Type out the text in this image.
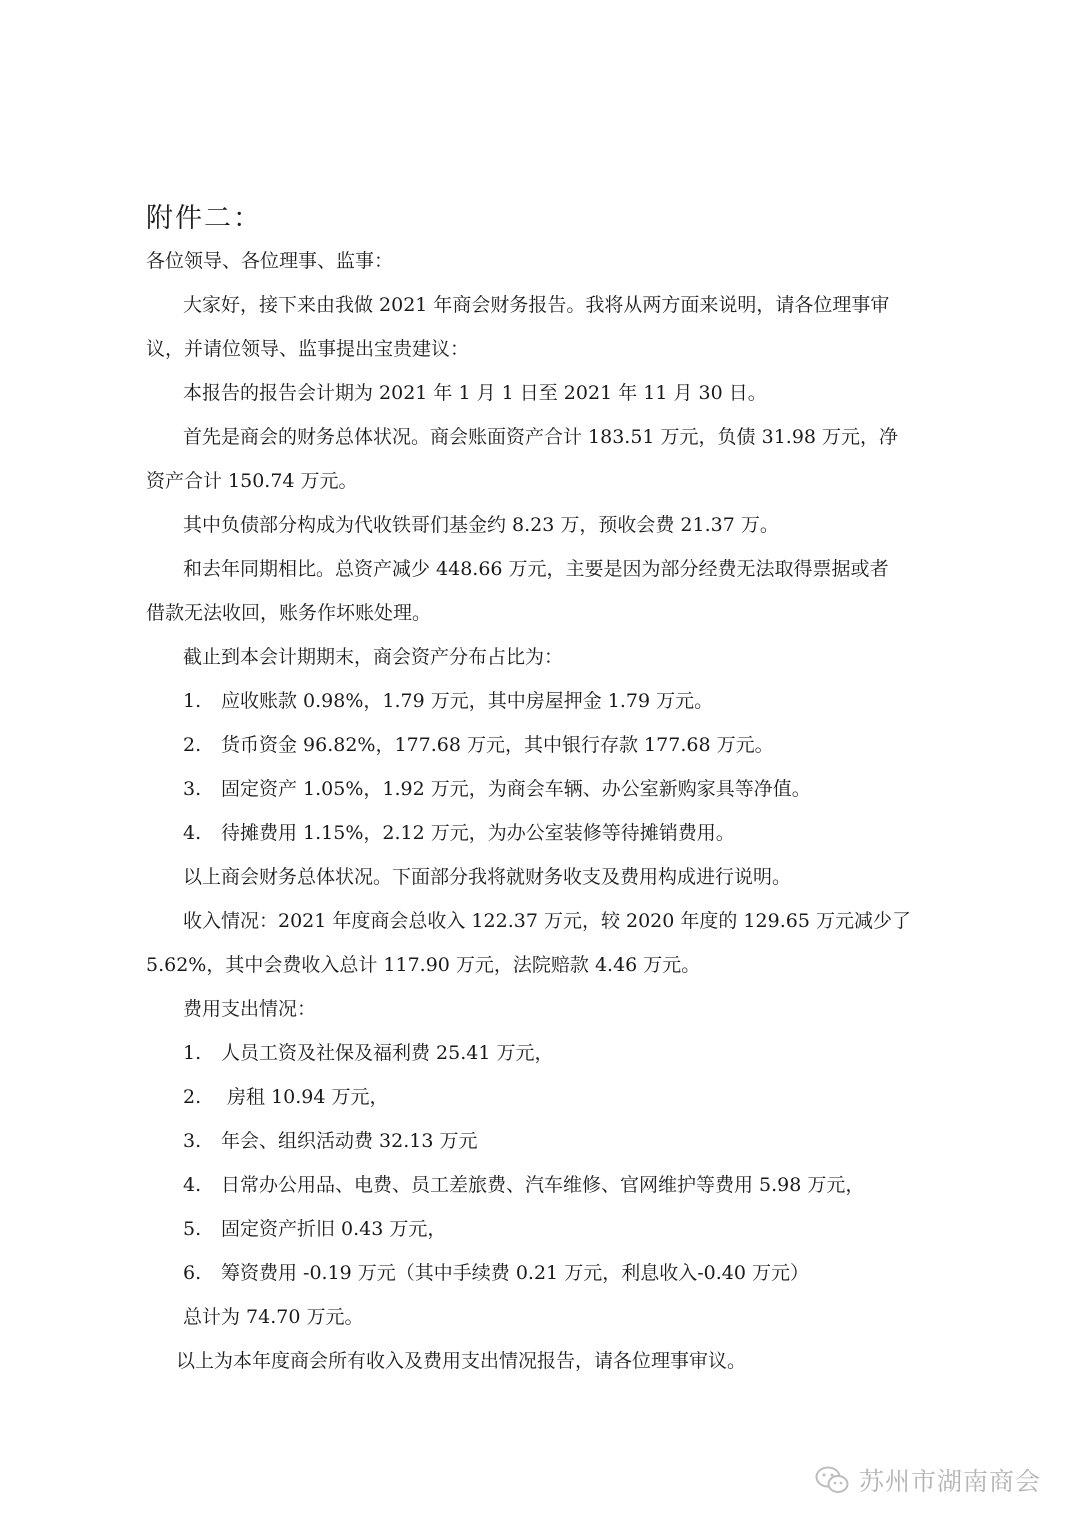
附件二：
各位领导、各位理事、监事：
大家好，接下来由我做 2021 年商会财务报告。我将从两方面来说明，请各位理事审
议，并请位领导、监事提出宝贵建议：
本报告的报告会计期为 2021 年 1 月 1 日至 2021 年 11 月 30 日。
首先是商会的财务总体状况。商会账面资产合计 183.51 万元，负债 31.98 万元，净
资产合计 150.74 万元。
其中负债部分构成为代收铁哥们基金约 8.23 万，预收会费 21.37 万。
和去年同期相比。总资产减少 448.66 万元，主要是因为部分经费无法取得票据或者
借款无法收回，账务作坏账处理。
截止到本会计期期末，商会资产分布占比为：
1. 应收账款 0.98%，1.79 万元，其中房屋押金 1.79 万元。
2. 货币资金 96.82%，177.68 万元，其中银行存款 177.68 万元。
3. 固定资产 1.05%，1.92 万元，为商会车辆、办公室新购家具等净值。
4. 待摊费用 1.15%，2.12 万元，为办公室装修等待摊销费用。
以上商会财务总体状况。下面部分我将就财务收支及费用构成进行说明。
收入情况：2021 年度商会总收入 122.37 万元，较 2020 年度的 129.65 万元减少了
5.62%，其中会费收入总计 117.90 万元，法院赔款 4.46 万元。
费用支出情况：
1. 人员工资及社保及福利费 25.41 万元，
2. 房租 10.94 万元，
3. 年会、组织活动费 32.13 万元
4. 日常办公用品、电费、员工差旅费、汽车维修、官网维护等费用 5.98 万元，
5. 固定资产折旧 0.43 万元，
6. 筹资费用 -0.19 万元（其中手续费 0.21 万元，利息收入-0.40 万元）
总计为 74.70 万元。
以上为本年度商会所有收入及费用支出情况报告，请各位理事审议。
苏州市湖南商会
